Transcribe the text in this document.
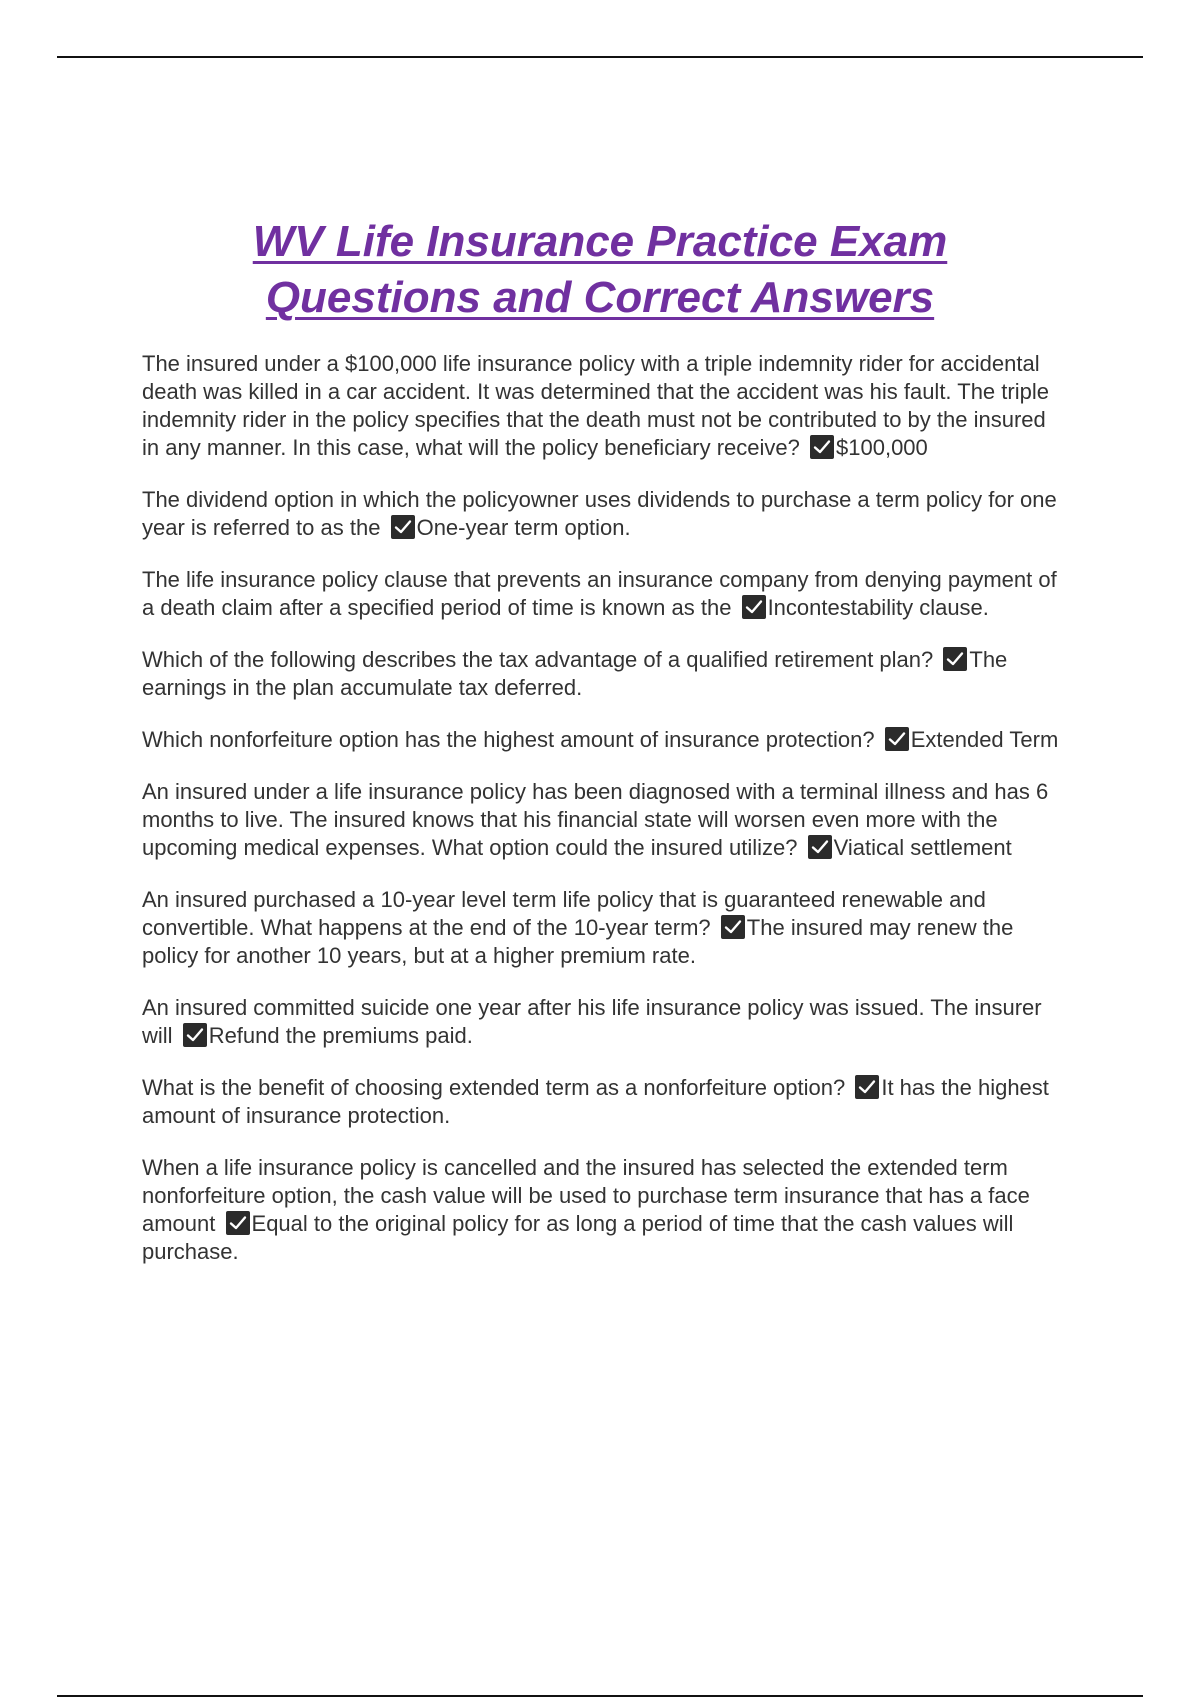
WV Life Insurance Practice Exam
Questions and Correct Answers

The insured under a $100,000 life insurance policy with a triple indemnity rider for accidental death was killed in a car accident. It was determined that the accident was his fault. The triple indemnity rider in the policy specifies that the death must not be contributed to by the insured in any manner. In this case, what will the policy beneficiary receive? $100,000

The dividend option in which the policyowner uses dividends to purchase a term policy for one year is referred to as the One-year term option.

The life insurance policy clause that prevents an insurance company from denying payment of a death claim after a specified period of time is known as the Incontestability clause.

Which of the following describes the tax advantage of a qualified retirement plan? The earnings in the plan accumulate tax deferred.

Which nonforfeiture option has the highest amount of insurance protection? Extended Term

An insured under a life insurance policy has been diagnosed with a terminal illness and has 6 months to live. The insured knows that his financial state will worsen even more with the upcoming medical expenses. What option could the insured utilize? Viatical settlement

An insured purchased a 10-year level term life policy that is guaranteed renewable and convertible. What happens at the end of the 10-year term? The insured may renew the policy for another 10 years, but at a higher premium rate.

An insured committed suicide one year after his life insurance policy was issued. The insurer will Refund the premiums paid.

What is the benefit of choosing extended term as a nonforfeiture option? It has the highest amount of insurance protection.

When a life insurance policy is cancelled and the insured has selected the extended term nonforfeiture option, the cash value will be used to purchase term insurance that has a face amount Equal to the original policy for as long a period of time that the cash values will purchase.
